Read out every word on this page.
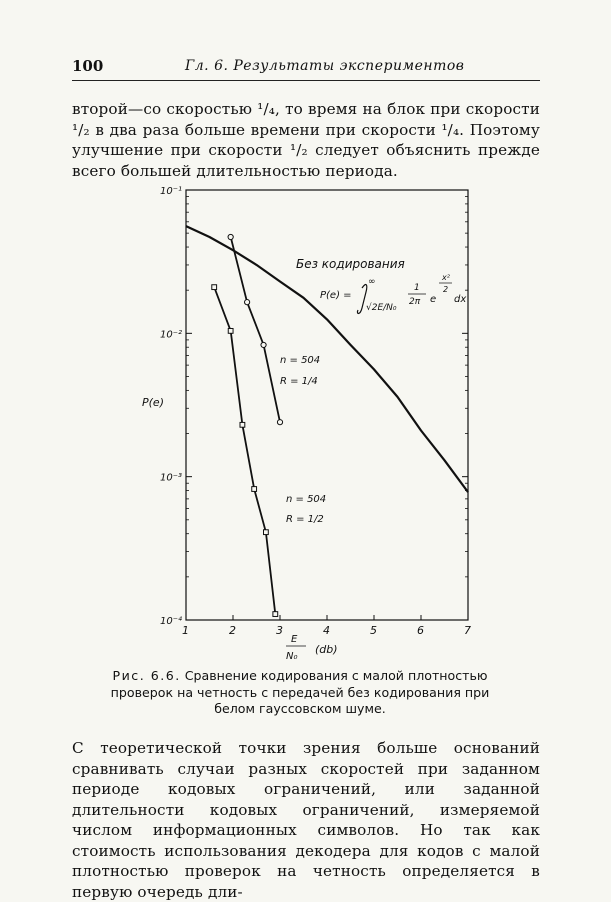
100	Гл. 6. Результаты экспериментов

второй—со скоростью ¹/₄, то время на блок при скорости ¹/₂ в два раза больше времени при скорости ¹/₄. Поэтому улучшение при скорости ¹/₂ следует объяснить прежде всего большей длительностью периода.

1	2	3	4	5	6	7
10⁻¹
10⁻²
10⁻³
10⁻⁴
Без кодирования
P(e) =
∞
√2E/N₀
1
2π e
x²
2
dx
n = 504
R = 1/4
n = 504
R = 1/2
P(e)
E
N₀
(db)
Рис. 6.6. Сравнение кодирования с малой плотностью проверок на четность с передачей без кодирования при белом гауссовском шуме.

С теоретической точки зрения больше оснований сравнивать случаи разных скоростей при заданном периоде кодовых ограничений, или заданной длительности кодовых ограничений, измеряемой числом информационных символов. Но так как стоимость использования декодера для кодов с малой плотностью проверок на четность определяется в первую очередь дли-
